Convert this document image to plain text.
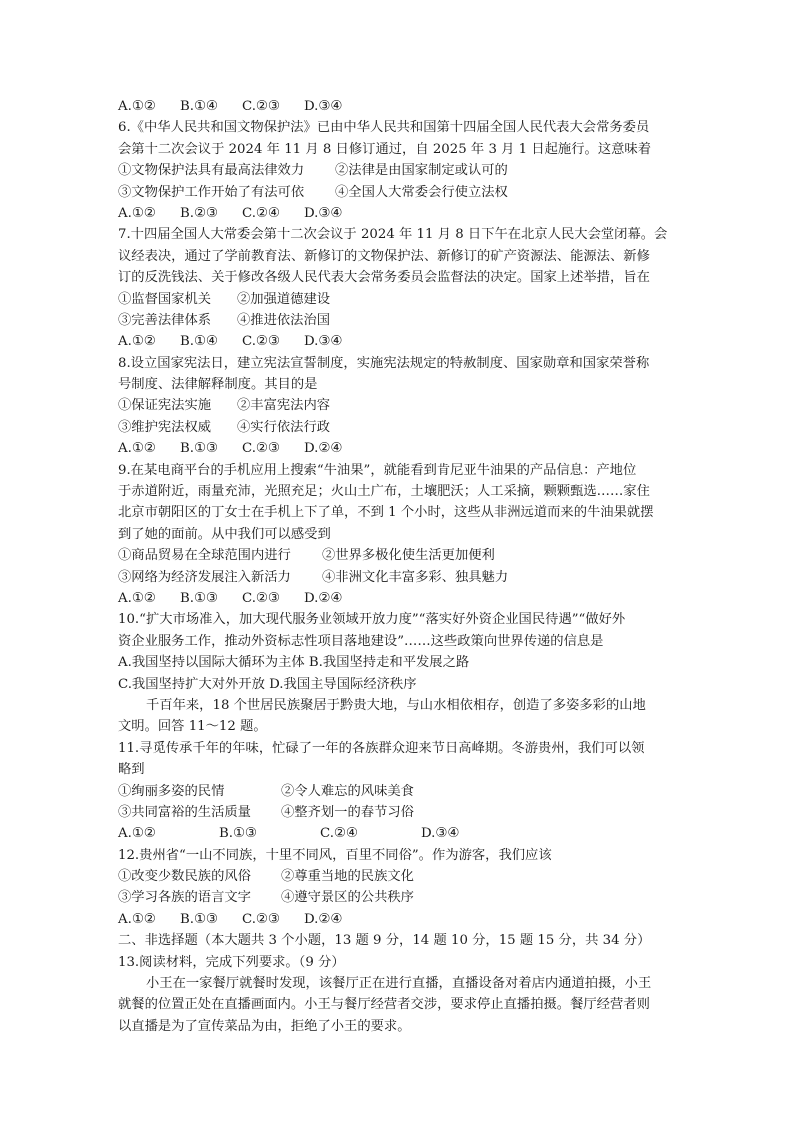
A.①②	B.①④	C.②③	D.③④
6.《中华人民共和国文物保护法》已由中华人民共和国第十四届全国人民代表大会常务委员
会第十二次会议于 2024 年 11 月 8 日修订通过，自 2025 年 3 月 1 日起施行。这意味着
①文物保护法具有最高法律效力	②法律是由国家制定或认可的
③文物保护工作开始了有法可依	④全国人大常委会行使立法权
A.①②	B.②③	C.②④	D.③④
7.十四届全国人大常委会第十二次会议于 2024 年 11 月 8 日下午在北京人民大会堂闭幕。会
议经表决，通过了学前教育法、新修订的文物保护法、新修订的矿产资源法、能源法、新修
订的反洗钱法、关于修改各级人民代表大会常务委员会监督法的决定。国家上述举措，旨在
①监督国家机关	②加强道德建设
③完善法律体系	④推进依法治国
A.①②	B.①④	C.②③	D.③④
8.设立国家宪法日，建立宪法宣誓制度，实施宪法规定的特赦制度、国家勋章和国家荣誉称
号制度、法律解释制度。其目的是
①保证宪法实施	②丰富宪法内容
③维护宪法权威	④实行依法行政
A.①②	B.①③	C.②③	D.②④
9.在某电商平台的手机应用上搜索“牛油果”，就能看到肯尼亚牛油果的产品信息：产地位
于赤道附近，雨量充沛，光照充足；火山土广布，土壤肥沃；人工采摘，颗颗甄选……家住
北京市朝阳区的丁女士在手机上下了单，不到 1 个小时，这些从非洲远道而来的牛油果就摆
到了她的面前。从中我们可以感受到
①商品贸易在全球范围内进行	②世界多极化使生活更加便利
③网络为经济发展注入新活力	④非洲文化丰富多彩、独具魅力
A.①②	B.①③	C.②③	D.②④
10.“扩大市场准入，加大现代服务业领域开放力度”“落实好外资企业国民待遇”“做好外
资企业服务工作，推动外资标志性项目落地建设”……这些政策向世界传递的信息是
A.我国坚持以国际大循环为主体 B.我国坚持走和平发展之路
C.我国坚持扩大对外开放 D.我国主导国际经济秩序
千百年来，18 个世居民族聚居于黔贵大地，与山水相依相存，创造了多姿多彩的山地
文明。回答 11～12 题。
11.寻觅传承千年的年味，忙碌了一年的各族群众迎来节日高峰期。冬游贵州，我们可以领
略到
①绚丽多姿的民情	②令人难忘的风味美食
③共同富裕的生活质量	④整齐划一的春节习俗
A.①②	B.①③	C.②④	D.③④
12.贵州省“一山不同族，十里不同风，百里不同俗”。作为游客，我们应该
①改变少数民族的风俗	②尊重当地的民族文化
③学习各族的语言文字	④遵守景区的公共秩序
A.①②	B.①③	C.②③	D.②④
二、非选择题（本大题共 3 个小题，13 题 9 分，14 题 10 分，15 题 15 分，共 34 分）
13.阅读材料，完成下列要求。（9 分）
小王在一家餐厅就餐时发现，该餐厅正在进行直播，直播设备对着店内通道拍摄，小王
就餐的位置正处在直播画面内。小王与餐厅经营者交涉，要求停止直播拍摄。餐厅经营者则
以直播是为了宣传菜品为由，拒绝了小王的要求。
